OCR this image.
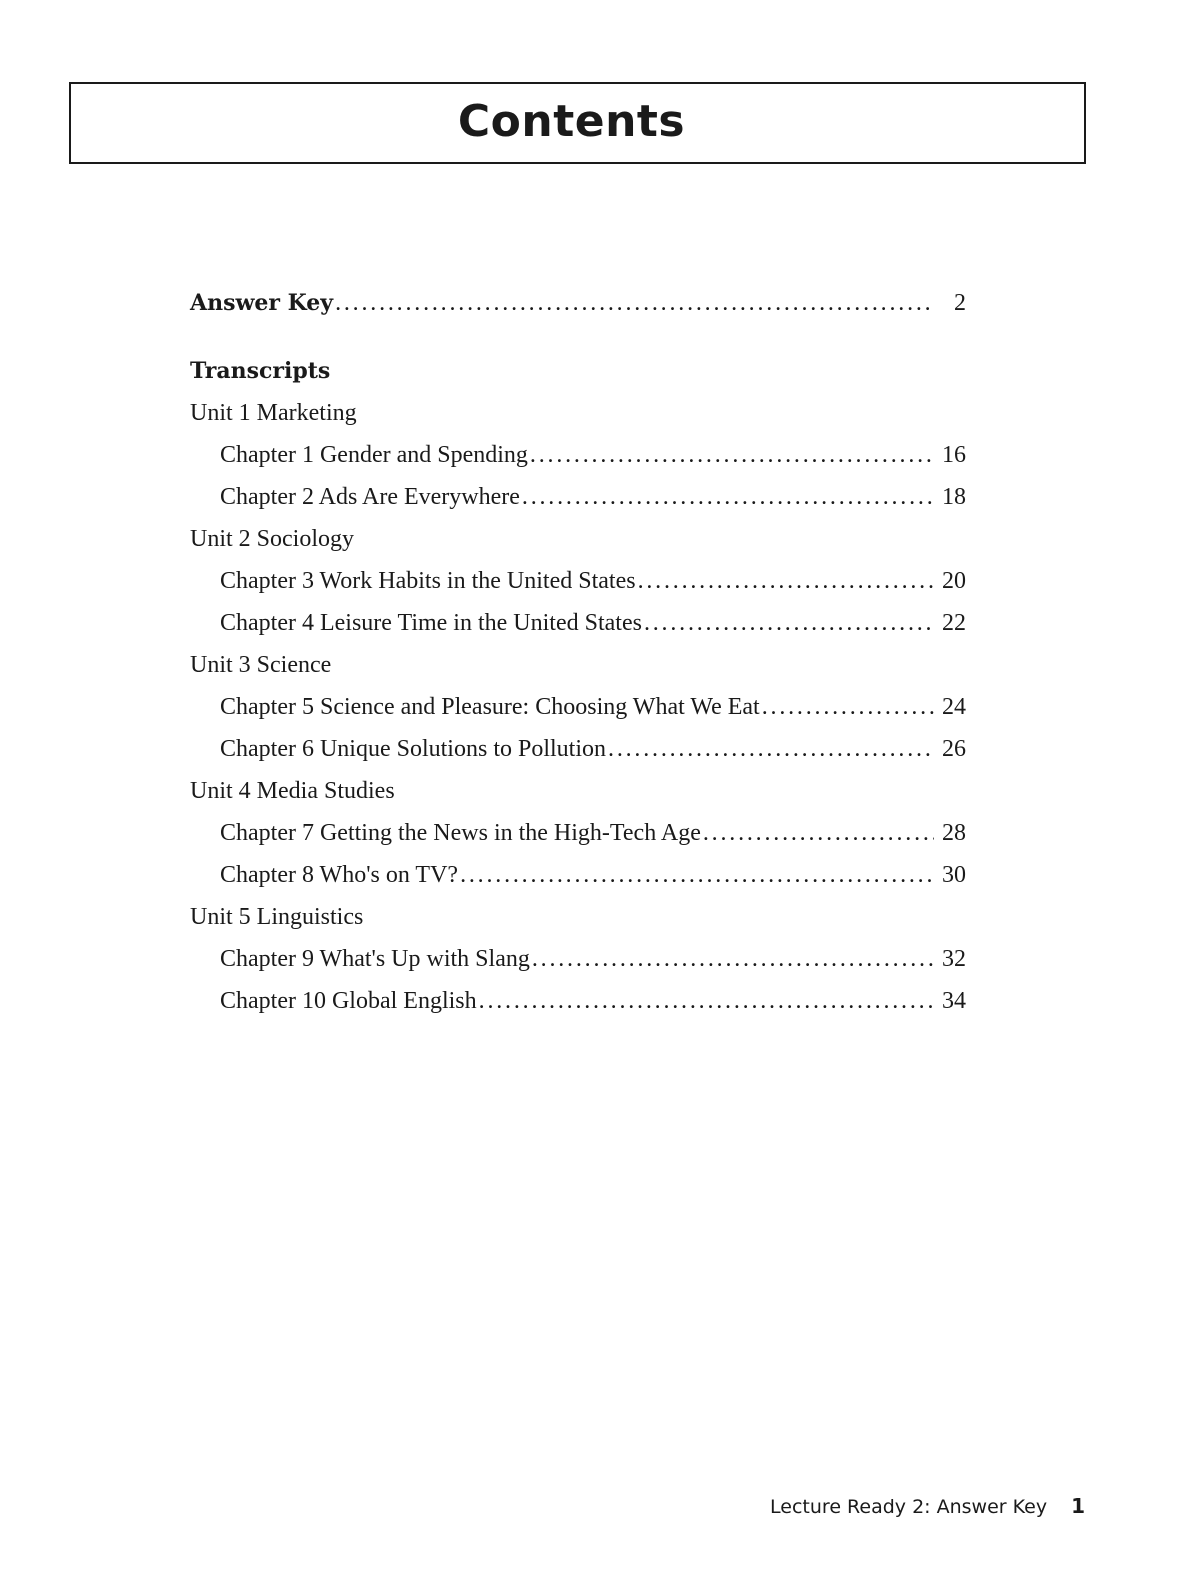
Contents
Answer Key . . .	2
Transcripts
Unit 1 Marketing
Chapter 1 Gender and Spending . . .	16
Chapter 2 Ads Are Everywhere . . .	18
Unit 2 Sociology
Chapter 3 Work Habits in the United States . . .	20
Chapter 4 Leisure Time in the United States . . .	22
Unit 3 Science
Chapter 5 Science and Pleasure: Choosing What We Eat . . .	24
Chapter 6 Unique Solutions to Pollution . . .	26
Unit 4 Media Studies
Chapter 7 Getting the News in the High-Tech Age . . .	28
Chapter 8 Who's on TV? . . .	30
Unit 5 Linguistics
Chapter 9 What's Up with Slang . . .	32
Chapter 10 Global English . . .	34
Lecture Ready 2: Answer Key 1
